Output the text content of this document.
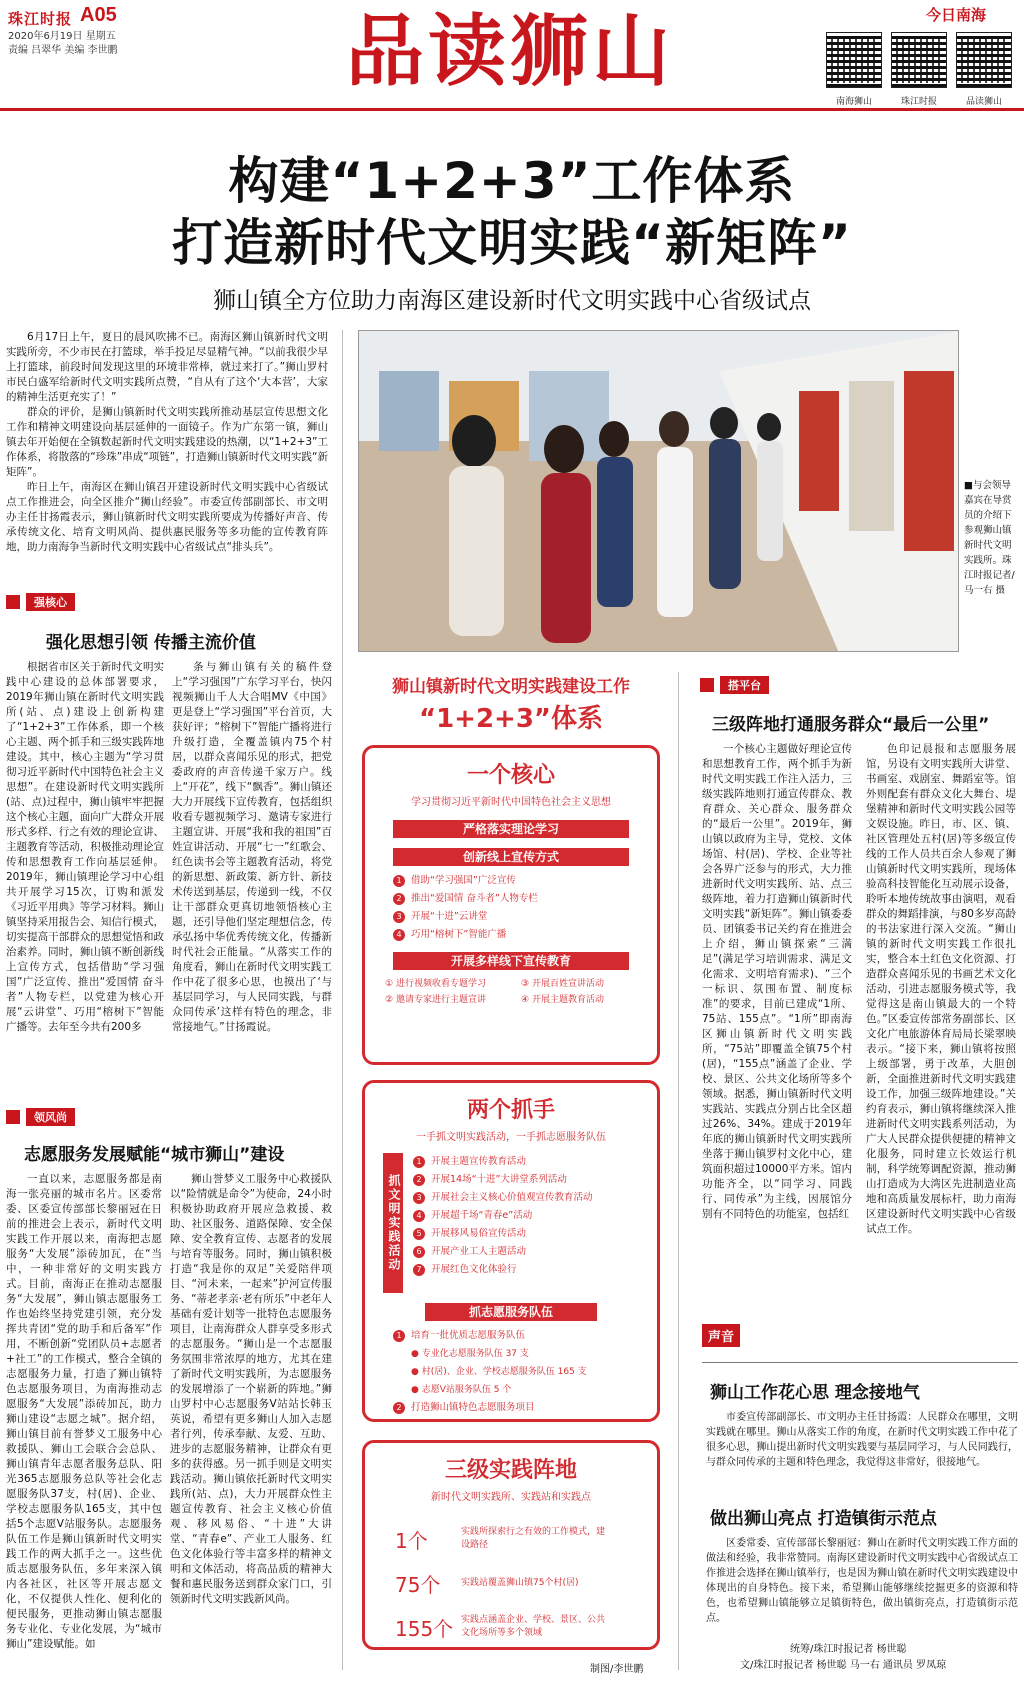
珠江时报 A05
2020年6月19日 星期五
责编 吕翠华 美编 李世鹏	品读狮山	今日南海
南海狮山	珠江时报	品读狮山
构建“1+2+3”工作体系
打造新时代文明实践“新矩阵”
狮山镇全方位助力南海区建设新时代文明实践中心省级试点

6月17日上午，夏日的晨风吹拂不已。南海区狮山镇新时代文明实践所旁，不少市民在打篮球，举手投足尽显精气神。“以前我很少早上打篮球，前段时间发现这里的环境非常棒，就过来打了。”狮山罗村市民白盛军给新时代文明实践所点赞，“自从有了这个‘大本营’，大家的精神生活更充实了！”

群众的评价，是狮山镇新时代文明实践所推动基层宣传思想文化工作和精神文明建设向基层延伸的一面镜子。作为广东第一镇，狮山镇去年开始便在全镇数起新时代文明实践建设的热潮，以“1+2+3”工作体系，将散落的“珍珠”串成“项链”，打造狮山镇新时代文明实践“新矩阵”。

昨日上午，南海区在狮山镇召开建设新时代文明实践中心省级试点工作推进会，向全区推介“狮山经验”。市委宣传部副部长、市文明办主任甘扬霞表示，狮山镇新时代文明实践所要成为传播好声音、传承传统文化、培育文明风尚、提供惠民服务等多功能的宣传教育阵地，助力南海争当新时代文明实践中心省级试点“排头兵”。

■与会领导嘉宾在导赏员的介绍下参观狮山镇新时代文明实践所。珠江时报记者/马一右 摄
强核心
强化思想引领 传播主流价值
根据省市区关于新时代文明实践中心建设的总体部署要求，2019年狮山镇在新时代文明实践所(站、点)建设上创新构建了“1+2+3”工作体系，即一个核心主题、两个抓手和三级实践阵地建设。其中，核心主题为“学习贯彻习近平新时代中国特色社会主义思想”。在建设新时代文明实践所(站、点)过程中，狮山镇牢牢把握这个核心主题，面向广大群众开展形式多样、行之有效的理论宣讲、主题教育等活动，积极推动理论宣传和思想教育工作向基层延伸。2019年，狮山镇理论学习中心组共开展学习15次，订购和派发《习近平用典》等学习材料。狮山镇坚持采用报告会、知信行模式，切实提高干部群众的思想觉悟和政治素养。同时，狮山镇不断创新线上宣传方式，包括借助“学习强国”广泛宣传、推出“爱国情 奋斗者”人物专栏，以党建为核心开展“云讲堂”、巧用“榕树下”智能广播等。去年至今共有200多
条与狮山镇有关的稿件登上“学习强国”广东学习平台，快闪视频狮山千人大合唱MV《中国》更是登上“学习强国”平台首页，大获好评；“榕树下”智能广播将进行升级打造，全覆盖镇内75个村居，以群众喜闻乐见的形式，把党委政府的声音传递千家万户。线上“开花”，线下“飘香”。狮山镇还大力开展线下宣传教育，包括组织收看专题视频学习、邀请专家进行主题宣讲、开展“我和我的祖国”百姓宣讲活动、开展“七一”红歌会、红色读书会等主题教育活动，将党的新思想、新政策、新方针、新技术传送到基层，传递到一线，不仅让干部群众更真切地领悟核心主题，还引导他们坚定理想信念，传承弘扬中华优秀传统文化，传播新时代社会正能量。“从落实工作的角度看，狮山在新时代文明实践工作中花了很多心思，也摸出了‘与基层同学习，与人民同实践，与群众同传承’这样有特色的理念，非常接地气。”甘扬霞说。
领风尚
志愿服务发展赋能“城市狮山”建设
一直以来，志愿服务都是南海一张亮丽的城市名片。区委常委、区委宣传部部长黎丽冠在日前的推进会上表示，新时代文明实践工作开展以来，南海把志愿服务“大发展”添砖加瓦，在“当中，一种非常好的文明实践方式。目前，南海正在推动志愿服务“大发展”，狮山镇志愿服务工作也始终坚持党建引领，充分发挥共青团“党的助手和后备军”作用，不断创新“党团队员+志愿者+社工”的工作模式，整合全镇的志愿服务力量，打造了狮山镇特色志愿服务项目，为南海推动志愿服务“大发展”添砖加瓦，助力狮山建设“志愿之城”。据介绍，狮山镇目前有誉梦义工服务中心救援队、狮山工会联合会总队、狮山镇青年志愿者服务总队、阳光365志愿服务总队等社会化志愿服务队37支，村(居)、企业、学校志愿服务队165支，其中包括5个志愿V站服务队。志愿服务队伍工作是狮山镇新时代文明实践工作的两大抓手之一。这些优质志愿服务队伍，多年来深入镇内各社区，社区等开展志愿文化，不仅提供人性化、便利化的便民服务，更推动狮山镇志愿服务专业化、专业化发展，为“城市狮山”建设赋能。如
狮山誉梦义工服务中心救援队以“险情就是命令”为使命，24小时积极协助政府开展应急救援、救助、社区服务、道路保障、安全保障、安全教育宣传、志愿者的发展与培育等服务。同时，狮山镇积极打造“我是你的双足”关爱陪伴项目、“河未来，一起来”护河宣传服务、“蒂老孝亲·老有所乐”中老年人基础有爱计划等一批特色志愿服务项目，让南海群众人群享受多形式的志愿服务。“狮山是一个志愿服务氛围非常浓厚的地方，尤其在建了新时代文明实践所，为志愿服务的发展增添了一个崭新的阵地。”狮山罗村中心志愿服务V站站长韩玉英说，希望有更多狮山人加入志愿者行列，传承奉献、友爱、互助、进步的志愿服务精神，让群众有更多的获得感。另一抓手则是文明实践活动。狮山镇依托新时代文明实践所(站、点)，大力开展群众性主题宣传教育、社会主义核心价值观、移风易俗、“十进”大讲堂、“青春e”、产业工人服务、红色文化体验行等丰富多样的精神文明和文体活动，将高品质的精神大餐和惠民服务送到群众家门口，引领新时代文明实践新风尚。
狮山镇新时代文明实践建设工作
“1+2+3”体系
一个核心
学习贯彻习近平新时代中国特色社会主义思想
严格落实理论学习
创新线上宣传方式
1 借助“学习强国”广泛宣传
2 推出“爱国情 奋斗者”人物专栏
3 开展“十进”云讲堂
4 巧用“榕树下”智能广播
开展多样线下宣传教育
① 进行视频收看专题学习	③ 开展百姓宣讲活动
② 邀请专家进行主题宣讲	④ 开展主题教育活动
两个抓手
一手抓文明实践活动，一手抓志愿服务队伍
抓文明实践活动
1 开展主题宣传教育活动
2 开展14场“十进”大讲堂系列活动
3 开展社会主义核心价值观宣传教育活动
4 开展超千场“青春e”活动
5 开展移风易俗宣传活动
6 开展产业工人主题活动
7 开展红色文化体验行
抓志愿服务队伍
1 培育一批优质志愿服务队伍
● 专业化志愿服务队伍 37 支
● 村(居)、企业、学校志愿服务队伍 165 支
● 志愿V站服务队伍 5 个
2 打造狮山镇特色志愿服务项目
三级实践阵地
新时代文明实践所、实践站和实践点
1个	实践所探索行之有效的工作模式，建设路径
75个	实践站覆盖狮山镇75个村(居)
155个 实践点涵盖企业、学校、景区、公共文化场所等多个领域
制图/李世鹏
搭平台
三级阵地打通服务群众“最后一公里”
一个核心主题做好理论宣传和思想教育工作，两个抓手为新时代文明实践工作注入活力，三级实践阵地则打通宣传群众、教育群众、关心群众、服务群众的“最后一公里”。2019年，狮山镇以政府为主导，党校、文体场馆、村(居)、学校、企业等社会各界广泛参与的形式，大力推进新时代文明实践所、站、点三级阵地，着力打造狮山镇新时代文明实践“新矩阵”。狮山镇委委员、团镇委书记关约育在推进会上介绍，狮山镇探索“三满足”(满足学习培训需求、满足文化需求、文明培育需求)、“三个一标识、氛围布置、制度标准”的要求，目前已建成“1所、75站、155点”。“1所”即南海区狮山镇新时代文明实践所，“75站”即覆盖全镇75个村(居)，“155点”涵盖了企业、学校、景区、公共文化场所等多个领域。据悉，狮山镇新时代文明实践站、实践点分别占比全区超过26%、34%。建成于2019年年底的狮山镇新时代文明实践所坐落于狮山镇罗村文化中心，建筑面积超过10000平方米。馆内功能齐全，以“同学习、同践行、同传承”为主线，因展馆分别有不同特色的功能室，包括红
色印记晨报和志愿服务展馆，另设有文明实践所大讲堂、书画室、戏剧室、舞蹈室等。馆外则配套有群众文化大舞台、堤堡精神和新时代文明实践公园等文娱设施。昨日，市、区、镇、社区管理处五村(居)等多级宣传线的工作人员共百余人参观了狮山镇新时代文明实践所，现场体验高科技智能化互动展示设备，聆听本地传统故事由演唱，观看群众的舞蹈排演，与80多岁高龄的书法家进行深入交流。“狮山镇的新时代文明实践工作很扎实，整合本土红色文化资源、打造群众喜闻乐见的书画艺术文化活动，引进志愿服务模式等，我觉得这是南山镇最大的一个特色。”区委宣传部常务副部长、区文化广电旅游体育局局长梁翠映表示。“接下来，狮山镇将按照上级部署，勇于改革，大胆创新，全面推进新时代文明实践建设工作，加强三级阵地建设。”关约育表示，狮山镇将继续深入推进新时代文明实践系列活动，为广大人民群众提供便捷的精神文化服务，同时建立长效运行机制，科学统筹调配资源，推动狮山打造成为大湾区先进制造业高地和高质量发展标杆，助力南海区建设新时代文明实践中心省级试点工作。
声音
狮山工作花心思 理念接地气
市委宣传部副部长、市文明办主任甘扬霞：人民群众在哪里，文明实践就在哪里。狮山从落实工作的角度，在新时代文明实践工作中花了很多心思，狮山提出新时代文明实践要与基层同学习，与人民同践行，与群众同传承的主题和特色理念，我觉得这非常好，很接地气。
做出狮山亮点 打造镇街示范点
区委常委、宣传部部长黎丽冠：狮山在新时代文明实践工作方面的做法和经验，我非常赞同。南海区建设新时代文明实践中心省级试点工作推进会选择在狮山镇举行，也是因为狮山镇在新时代文明实践建设中体现出的自身特色。接下来，希望狮山能够继续挖掘更多的资源和特色，也希望狮山镇能够立足镇街特色，做出镇街亮点，打造镇街示范点。
统筹/珠江时报记者 杨世聪
文/珠江时报记者 杨世聪 马一右 通讯员 罗凤琼
